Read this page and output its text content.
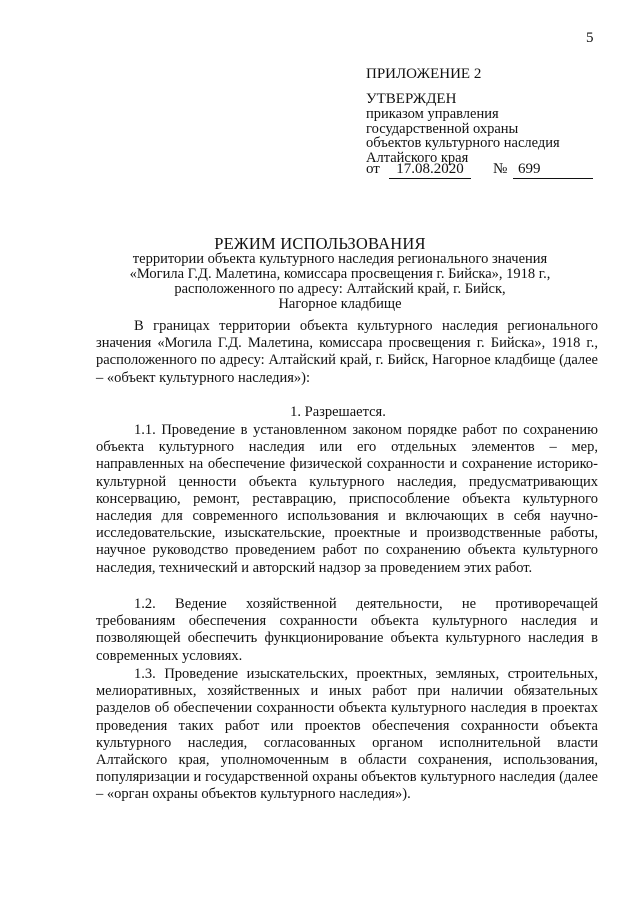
5
ПРИЛОЖЕНИЕ 2
УТВЕРЖДЕН
приказом управления
государственной охраны
объектов культурного наследия
Алтайского края
от	17.08.2020	№ 699
РЕЖИМ ИСПОЛЬЗОВАНИЯ
территории объекта культурного наследия регионального значения
«Могила Г.Д. Малетина, комиссара просвещения г. Бийска», 1918 г.,
расположенного по адресу: Алтайский край, г. Бийск,
Нагорное кладбище

В границах территории объекта культурного наследия регионального значения «Могила Г.Д. Малетина, комиссара просвещения г. Бийска», 1918 г., расположенного по адресу: Алтайский край, г. Бийск, Нагорное кладбище (далее – «объект культурного наследия»):

1. Разрешается.

1.1. Проведение в установленном законом порядке работ по сохранению объекта культурного наследия или его отдельных элементов – мер, направленных на обеспечение физической сохранности и сохранение историко-культурной ценности объекта культурного наследия, предусматривающих консервацию, ремонт, реставрацию, приспособление объекта культурного наследия для современного использования и включающих в себя научно-исследовательские, изыскательские, проектные и производственные работы, научное руководство проведением работ по сохранению объекта культурного наследия, технический и авторский надзор за проведением этих работ.

1.2. Ведение хозяйственной деятельности, не противоречащей требованиям обеспечения сохранности объекта культурного наследия и позволяющей обеспечить функционирование объекта культурного наследия в современных условиях.

1.3. Проведение изыскательских, проектных, земляных, строительных, мелиоративных, хозяйственных и иных работ при наличии обязательных разделов об обеспечении сохранности объекта культурного наследия в проектах проведения таких работ или проектов обеспечения сохранности объекта культурного наследия, согласованных органом исполнительной власти Алтайского края, уполномоченным в области сохранения, использования, популяризации и государственной охраны объектов культурного наследия (далее – «орган охраны объектов культурного наследия»).
